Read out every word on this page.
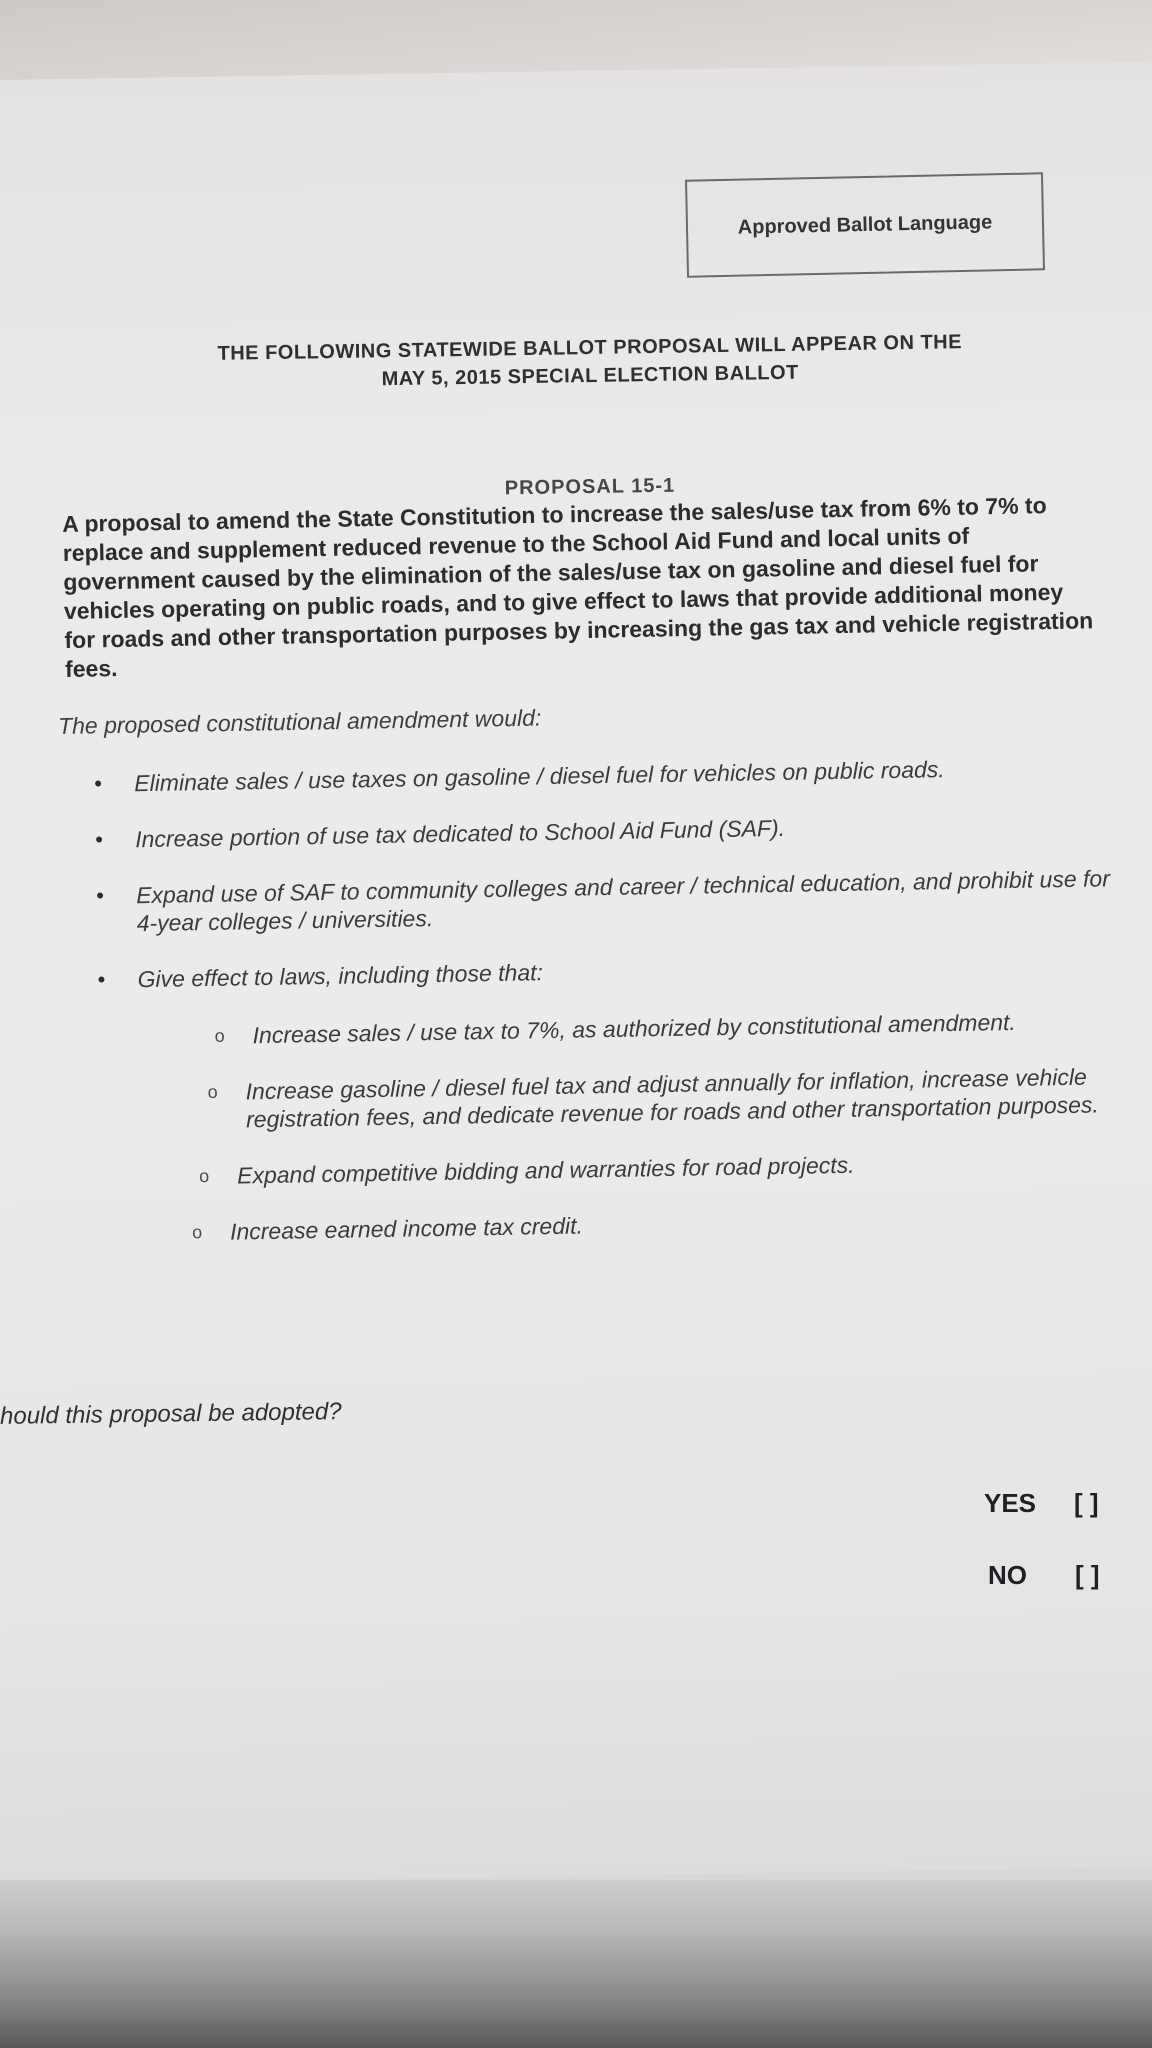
Approved Ballot Language
THE FOLLOWING STATEWIDE BALLOT PROPOSAL WILL APPEAR ON THE
MAY 5, 2015 SPECIAL ELECTION BALLOT
PROPOSAL 15-1
A proposal to amend the State Constitution to increase the sales/use tax from 6% to 7% to replace and supplement reduced revenue to the School Aid Fund and local units of government caused by the elimination of the sales/use tax on gasoline and diesel fuel for vehicles operating on public roads, and to give effect to laws that provide additional money for roads and other transportation purposes by increasing the gas tax and vehicle registration fees.
The proposed constitutional amendment would:
• Eliminate sales / use taxes on gasoline / diesel fuel for vehicles on public roads.
• Increase portion of use tax dedicated to School Aid Fund (SAF).
• Expand use of SAF to community colleges and career / technical education, and prohibit use for 4-year colleges / universities.
• Give effect to laws, including those that:
o Increase sales / use tax to 7%, as authorized by constitutional amendment.
o Increase gasoline / diesel fuel tax and adjust annually for inflation, increase vehicle registration fees, and dedicate revenue for roads and other transportation purposes.
o Expand competitive bidding and warranties for road projects.
o Increase earned income tax credit.
hould this proposal be adopted?
YES [ ]
NO [ ]
